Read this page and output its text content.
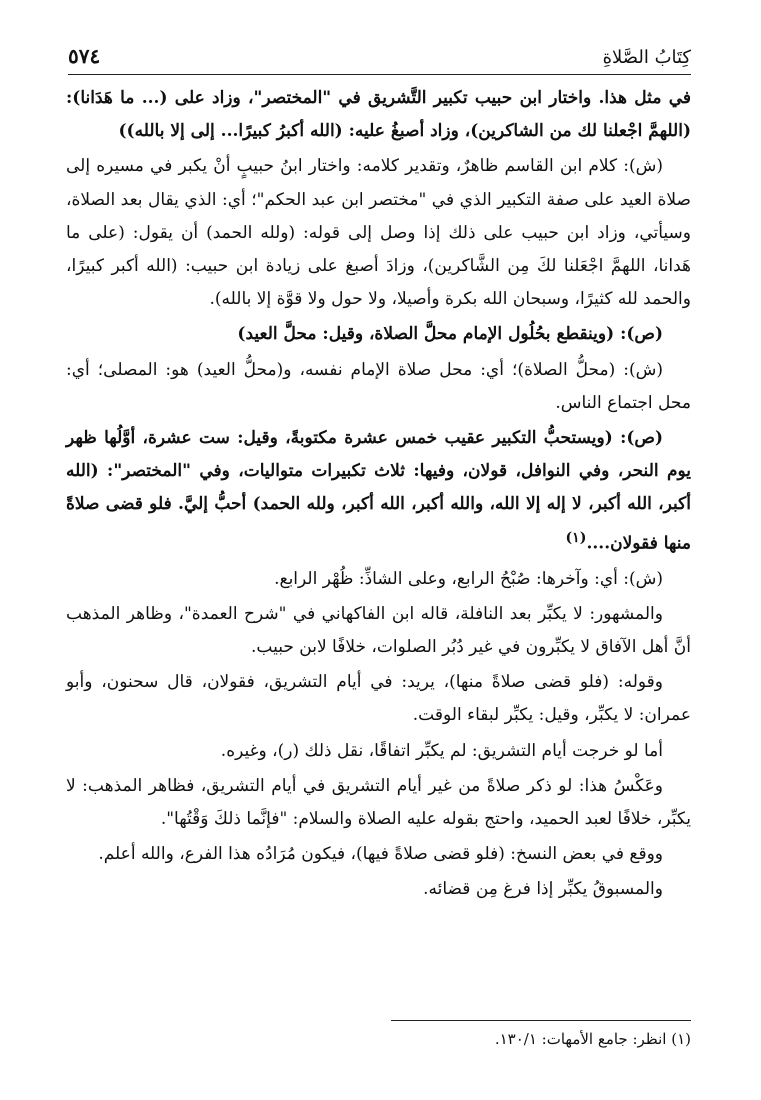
كِتَابُ الصَّلاةِ
٥٧٤

في مثل هذا. واختار ابن حبيب تكبير التَّشريق في "المختصر"، وزاد على (... ما هَدَانا): (اللهمَّ اجْعلنا لك من الشاكرين)، وزاد أصبغُ عليه: (الله أكبرُ كبيرًا... إلى إلا بالله))

(ش): كلام ابن القاسم ظاهرٌ، وتقدير كلامه: واختار ابنُ حبيبٍ أنْ يكبر في مسيره إلى صلاة العيد على صفة التكبير الذي في "مختصر ابن عبد الحكم"؛ أي: الذي يقال بعد الصلاة، وسيأتي، وزاد ابن حبيب على ذلك إذا وصل إلى قوله: (ولله الحمد) أن يقول: (على ما هَدانا، اللهمَّ اجْعَلنا لكَ مِن الشَّاكرين)، وزادَ أصبغ على زيادة ابن حبيب: (الله أكبر كبيرًا، والحمد لله كثيرًا، وسبحان الله بكرة وأصيلا، ولا حول ولا قوَّة إلا بالله).

(ص): (وينقطع بحُلُول الإمام محلَّ الصلاة، وقيل: محلَّ العيد)

(ش): (محلُّ الصلاة)؛ أي: محل صلاة الإمام نفسه، و(محلُّ العيد) هو: المصلى؛ أي: محل اجتماع الناس.

(ص): (ويستحبُّ التكبير عقيب خمس عشرة مكتوبةً، وقيل: ست عشرة، أوَّلُها ظهر يوم النحر، وفي النوافل، قولان، وفيها: ثلاث تكبيرات متواليات، وفي "المختصر": (الله أكبر، الله أكبر، لا إله إلا الله، والله أكبر، الله أكبر، ولله الحمد) أحبُّ إليَّ. فلو قضى صلاةً منها فقولان....$^{(١)}$

(ش): أي: وآخرها: صُبْحُ الرابع، وعلى الشاذِّ: ظُهْر الرابع.

والمشهور: لا يكبِّر بعد النافلة، قاله ابن الفاكهاني في "شرح العمدة"، وظاهر المذهب أنَّ أهل الآفاق لا يكبِّرون في غير دُبُر الصلوات، خلافًا لابن حبيب.

وقوله: (فلو قضى صلاةً منها)، يريد: في أيام التشريق، فقولان، قال سحنون، وأبو عمران: لا يكبِّر، وقيل: يكبِّر لبقاء الوقت.

أما لو خرجت أيام التشريق: لم يكبِّر اتفاقًا، نقل ذلك (ر)، وغيره.

وعَكْسُ هذا: لو ذكر صلاةً من غير أيام التشريق في أيام التشريق، فظاهر المذهب: لا يكبِّر، خلافًا لعبد الحميد، واحتج بقوله عليه الصلاة والسلام: "فإنَّما ذلكَ وَقْتُها".

ووقع في بعض النسخ: (فلو قضى صلاةً فيها)، فيكون مُرَادُه هذا الفرع، والله أعلم.

والمسبوقُ يكبِّر إذا فرغ مِن قضائه.

(١) انظر: جامع الأمهات: ١٣٠/١.
